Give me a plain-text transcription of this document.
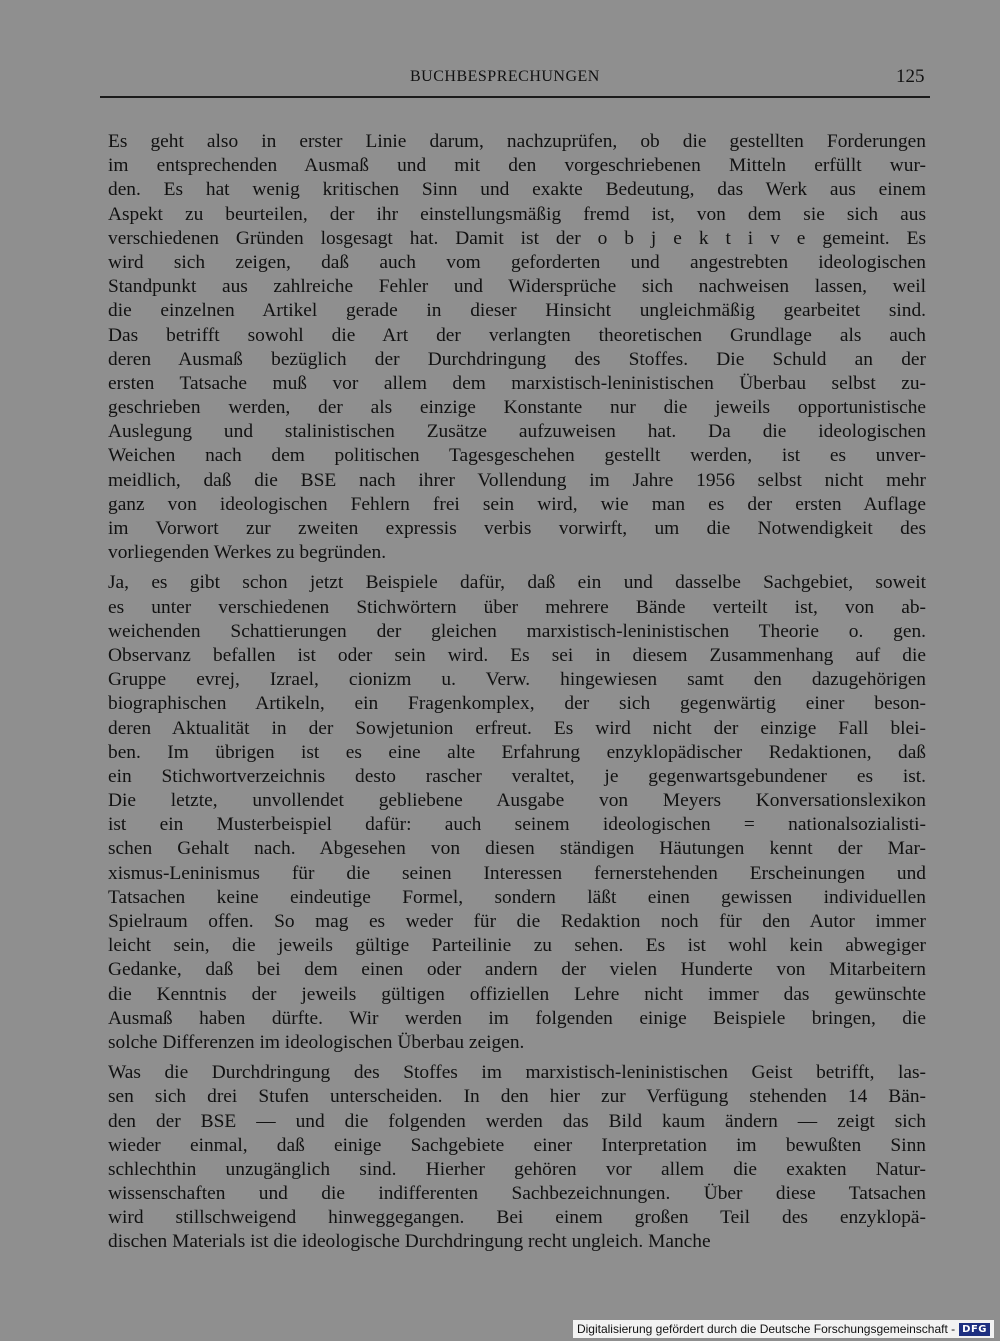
BUCHBESPRECHUNGEN	125
Es geht also in erster Linie darum, nachzuprüfen, ob die gestellten Forderungen
im entsprechenden Ausmaß und mit den vorgeschriebenen Mitteln erfüllt wur-
den. Es hat wenig kritischen Sinn und exakte Bedeutung, das Werk aus einem
Aspekt zu beurteilen, der ihr einstellungsmäßig fremd ist, von dem sie sich aus
verschiedenen Gründen losgesagt hat. Damit ist der o b j e k t i v e gemeint. Es
wird sich zeigen, daß auch vom geforderten und angestrebten ideologischen
Standpunkt aus zahlreiche Fehler und Widersprüche sich nachweisen lassen, weil
die einzelnen Artikel gerade in dieser Hinsicht ungleichmäßig gearbeitet sind.
Das betrifft sowohl die Art der verlangten theoretischen Grundlage als auch
deren Ausmaß bezüglich der Durchdringung des Stoffes. Die Schuld an der
ersten Tatsache muß vor allem dem marxistisch-leninistischen Überbau selbst zu-
geschrieben werden, der als einzige Konstante nur die jeweils opportunistische
Auslegung und stalinistischen Zusätze aufzuweisen hat. Da die ideologischen
Weichen nach dem politischen Tagesgeschehen gestellt werden, ist es unver-
meidlich, daß die BSE nach ihrer Vollendung im Jahre 1956 selbst nicht mehr
ganz von ideologischen Fehlern frei sein wird, wie man es der ersten Auflage
im Vorwort zur zweiten expressis verbis vorwirft, um die Notwendigkeit des
vorliegenden Werkes zu begründen.
Ja, es gibt schon jetzt Beispiele dafür, daß ein und dasselbe Sachgebiet, soweit
es unter verschiedenen Stichwörtern über mehrere Bände verteilt ist, von ab-
weichenden Schattierungen der gleichen marxistisch-leninistischen Theorie o. gen.
Observanz befallen ist oder sein wird. Es sei in diesem Zusammenhang auf die
Gruppe evrej, Izrael, cionizm u. Verw. hingewiesen samt den dazugehörigen
biographischen Artikeln, ein Fragenkomplex, der sich gegenwärtig einer beson-
deren Aktualität in der Sowjetunion erfreut. Es wird nicht der einzige Fall blei-
ben. Im übrigen ist es eine alte Erfahrung enzyklopädischer Redaktionen, daß
ein Stichwortverzeichnis desto rascher veraltet, je gegenwartsgebundener es ist.
Die letzte, unvollendet gebliebene Ausgabe von Meyers Konversationslexikon
ist ein Musterbeispiel dafür: auch seinem ideologischen = nationalsozialisti-
schen Gehalt nach. Abgesehen von diesen ständigen Häutungen kennt der Mar-
xismus-Leninismus für die seinen Interessen fernerstehenden Erscheinungen und
Tatsachen keine eindeutige Formel, sondern läßt einen gewissen individuellen
Spielraum offen. So mag es weder für die Redaktion noch für den Autor immer
leicht sein, die jeweils gültige Parteilinie zu sehen. Es ist wohl kein abwegiger
Gedanke, daß bei dem einen oder andern der vielen Hunderte von Mitarbeitern
die Kenntnis der jeweils gültigen offiziellen Lehre nicht immer das gewünschte
Ausmaß haben dürfte. Wir werden im folgenden einige Beispiele bringen, die
solche Differenzen im ideologischen Überbau zeigen.
Was die Durchdringung des Stoffes im marxistisch-leninistischen Geist betrifft, las-
sen sich drei Stufen unterscheiden. In den hier zur Verfügung stehenden 14 Bän-
den der BSE — und die folgenden werden das Bild kaum ändern — zeigt sich
wieder einmal, daß einige Sachgebiete einer Interpretation im bewußten Sinn
schlechthin unzugänglich sind. Hierher gehören vor allem die exakten Natur-
wissenschaften und die indifferenten Sachbezeichnungen. Über diese Tatsachen
wird stillschweigend hinweggegangen. Bei einem großen Teil des enzyklopä-
dischen Materials ist die ideologische Durchdringung recht ungleich. Manche
Digitalisierung gefördert durch die Deutsche Forschungsgemeinschaft - DFG
